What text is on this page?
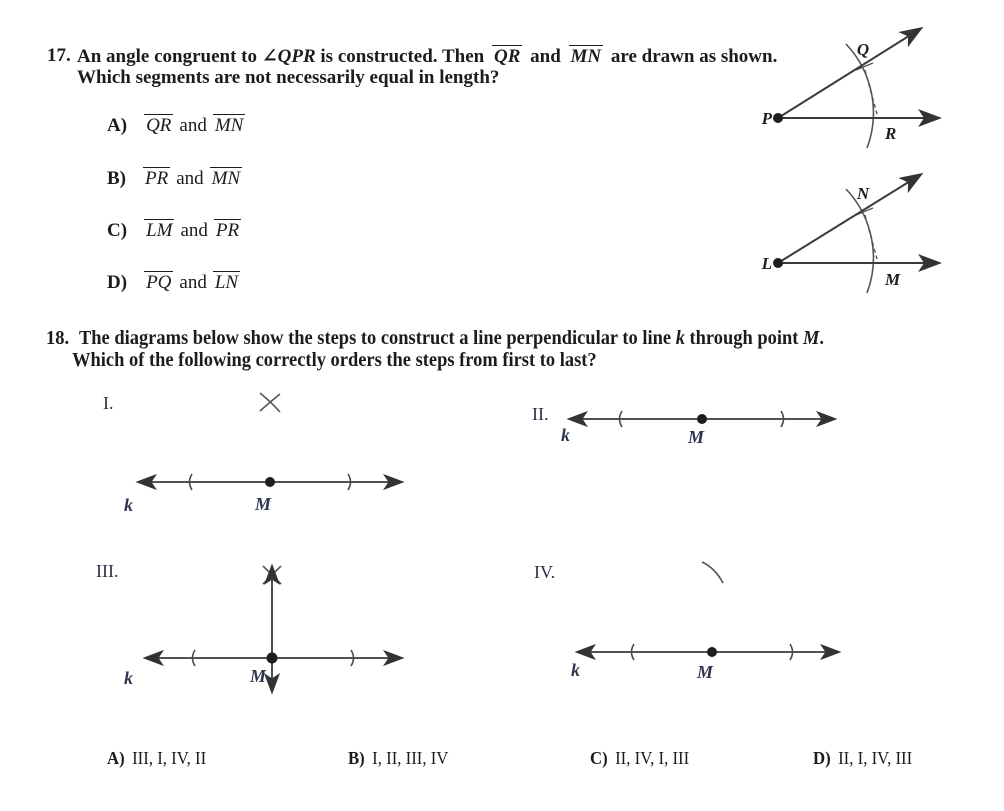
17. An angle congruent to ∠QPR is constructed. Then QR and MN are drawn as shown.
Which segments are not necessarily equal in length?
A) QR and MN
B) PR and MN
C) LM and PR
D) PQ and LN
P
Q
R
L
N
M
18. The diagrams below show the steps to construct a line perpendicular to line k through point M.
Which of the following correctly orders the steps from first to last?
I.
k	M
II.
k	M
III.
k	M
IV.
k	M
A) III, I, IV, II	B) I, II, III, IV	C) II, IV, I, III	D) II, I, IV, III
